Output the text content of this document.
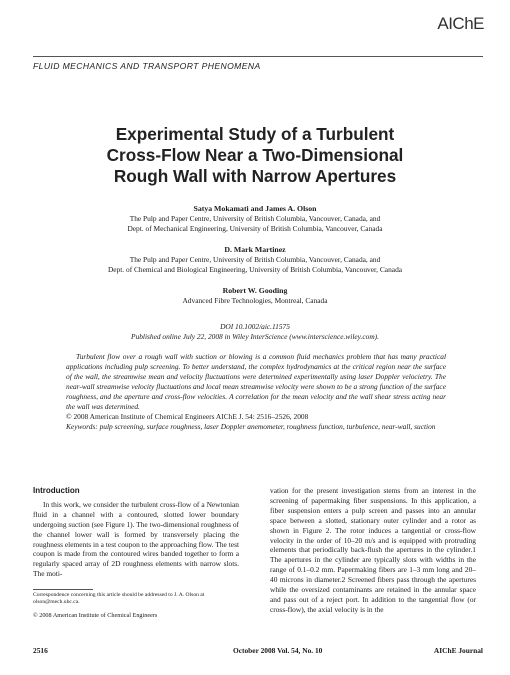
AIChE
FLUID MECHANICS AND TRANSPORT PHENOMENA
Experimental Study of a Turbulent
Cross-Flow Near a Two-Dimensional
Rough Wall with Narrow Apertures
Satya Mokamati and James A. Olson
The Pulp and Paper Centre, University of British Columbia, Vancouver, Canada, and
Dept. of Mechanical Engineering, University of British Columbia, Vancouver, Canada
D. Mark Martinez
The Pulp and Paper Centre, University of British Columbia, Vancouver, Canada, and
Dept. of Chemical and Biological Engineering, University of British Columbia, Vancouver, Canada
Robert W. Gooding
Advanced Fibre Technologies, Montreal, Canada
DOI 10.1002/aic.11575
Published online July 22, 2008 in Wiley InterScience (www.interscience.wiley.com).
Turbulent flow over a rough wall with suction or blowing is a common fluid mechanics problem that has many practical applications including pulp screening. To better understand, the complex hydrodynamics at the critical region near the surface of the wall, the streamwise mean and velocity fluctuations were determined experimentally using laser Doppler velocietry. The near-wall streamwise velocity fluctuations and local mean streamwise velocity were shown to be a strong function of the surface roughness, and the aperture and cross-flow velocities. A correlation for the mean velocity and the wall shear stress acting near the wall was determined.
© 2008 American Institute of Chemical Engineers AIChE J. 54: 2516–2526, 2008
Keywords: pulp screening, surface roughness, laser Doppler anemometer, roughness function, turbulence, near-wall, suction
Introduction

In this work, we consider the turbulent cross-flow of a Newtonian fluid in a channel with a contoured, slotted lower boundary undergoing suction (see Figure 1). The two-dimensional roughness of the channel lower wall is formed by transversely placing the roughness elements in a test coupon to the approaching flow. The test coupon is made from the contoured wires banded together to form a regularly spaced array of 2D roughness elements with narrow slots. The moti-

vation for the present investigation stems from an interest in the screening of papermaking fiber suspensions. In this application, a fiber suspension enters a pulp screen and passes into an annular space between a slotted, stationary outer cylinder and a rotor as shown in Figure 2. The rotor induces a tangential or cross-flow velocity in the order of 10–20 m/s and is equipped with protruding elements that periodically back-flush the apertures in the cylinder.1 The apertures in the cylinder are typically slots with widths in the range of 0.1–0.2 mm. Papermaking fibers are 1–3 mm long and 20–40 microns in diameter.2 Screened fibers pass through the apertures while the oversized contaminants are retained in the annular space and pass out of a reject port. In addition to the tangential flow (or cross-flow), the axial velocity is in the

Correspondence concerning this article should be addressed to J. A. Olson at olson@mech.ubc.ca.
© 2008 American Institute of Chemical Engineers
2516	October 2008 Vol. 54, No. 10	AIChE Journal
